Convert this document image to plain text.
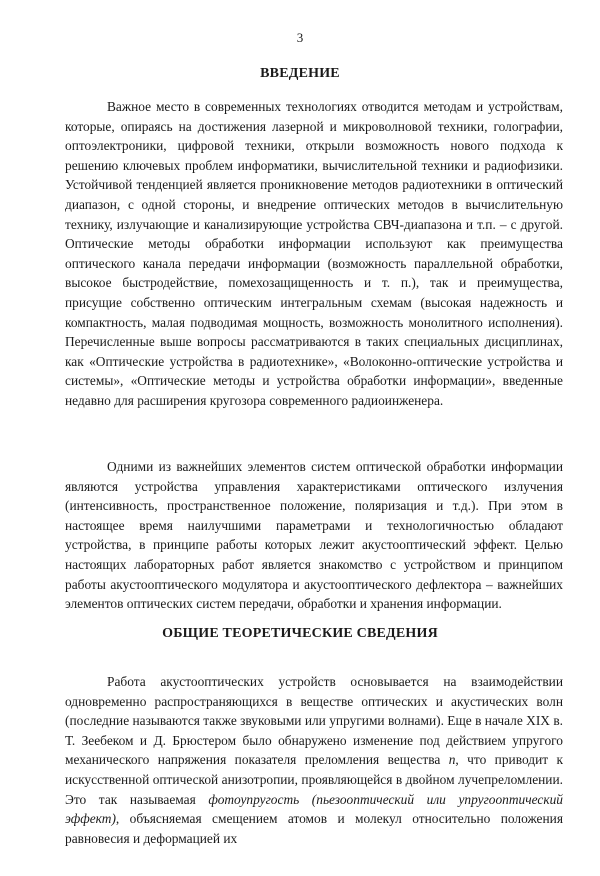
3
ВВЕДЕНИЕ

Важное место в современных технологиях отводится методам и устройствам, которые, опираясь на достижения лазерной и микроволновой техники, голографии, оптоэлектроники, цифровой техники, открыли возможность нового подхода к решению ключевых проблем информатики, вычислительной техники и радиофизики. Устойчивой тенденцией является проникновение методов радиотехники в оптический диапазон, с одной стороны, и внедрение оптических методов в вычислительную технику, излучающие и канализирующие устройства СВЧ-диапазона и т.п. – с другой. Оптические методы обработки информации используют как преимущества оптического канала передачи информации (возможность параллельной обработки, высокое быстродействие, помехозащищенность и т. п.), так и преимущества, присущие собственно оптическим интегральным схемам (высокая надежность и компактность, малая подводимая мощность, возможность монолитного исполнения). Перечисленные выше вопросы рассматриваются в таких специальных дисциплинах, как «Оптические устройства в радиотехнике», «Волоконно-оптические устройства и системы», «Оптические методы и устройства обработки информации», введенные недавно для расширения кругозора современного радиоинженера.

Одними из важнейших элементов систем оптической обработки информации являются устройства управления характеристиками оптического излучения (интенсивность, пространственное положение, поляризация и т.д.). При этом в настоящее время наилучшими параметрами и технологичностью обладают устройства, в принципе работы которых лежит акустооптический эффект. Целью настоящих лабораторных работ является знакомство с устройством и принципом работы акустооптического модулятора и акустооптического дефлектора – важнейших элементов оптических систем передачи, обработки и хранения информации.

ОБЩИЕ ТЕОРЕТИЧЕСКИЕ СВЕДЕНИЯ

Работа акустооптических устройств основывается на взаимодействии одновременно распространяющихся в веществе оптических и акустических волн (последние называются также звуковыми или упругими волнами). Еще в начале XIX в. Т. Зеебеком и Д. Брюстером было обнаружено изменение под действием упругого механического напряжения показателя преломления вещества n, что приводит к искусственной оптической анизотропии, проявляющейся в двойном лучепреломлении. Это так называемая фотоупругость (пьезооптический или упругооптический эффект), объясняемая смещением атомов и молекул относительно положения равновесия и деформацией их
